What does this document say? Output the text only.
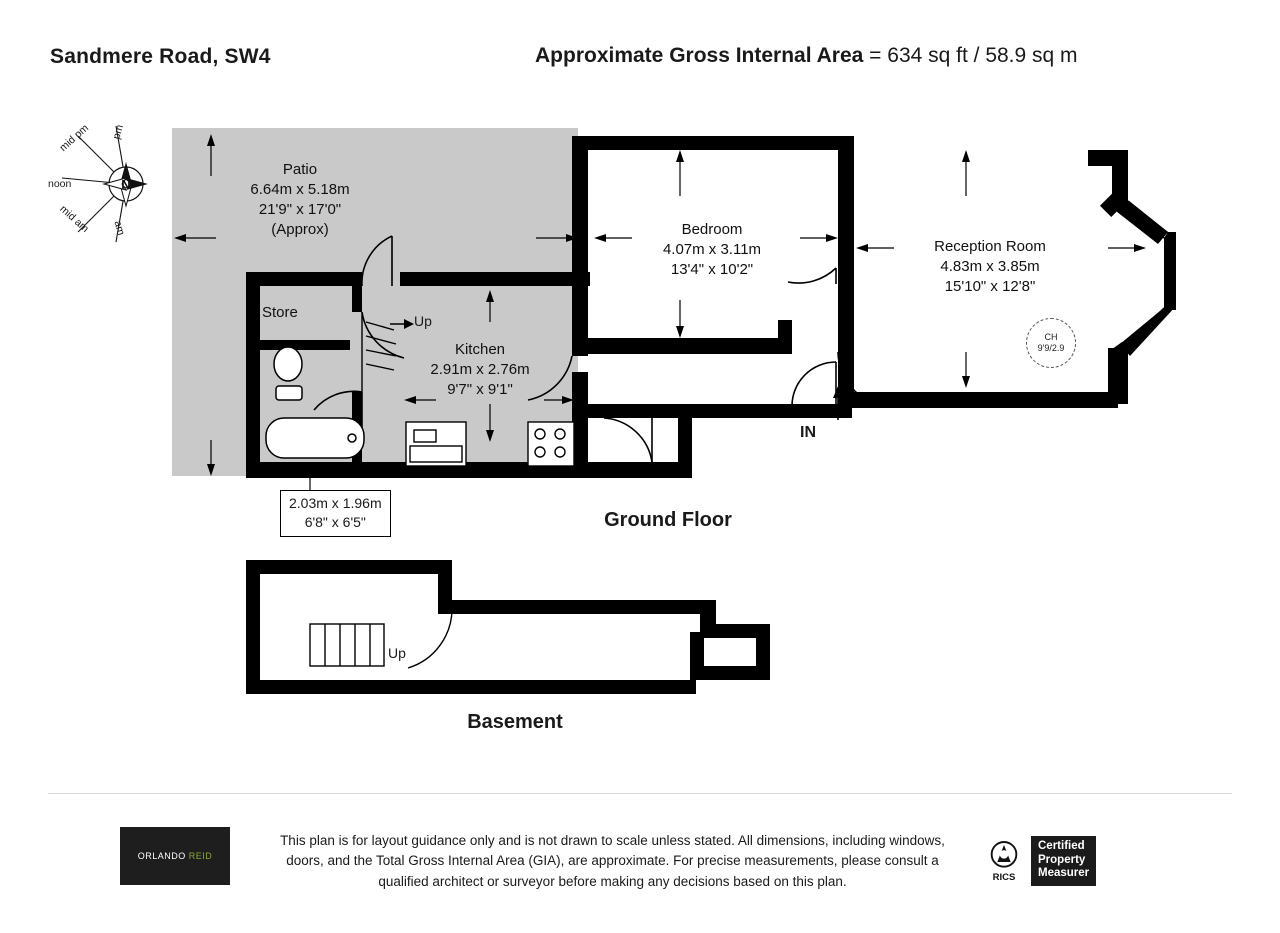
Sandmere Road, SW4	Approximate Gross Internal Area = 634 sq ft / 58.9 sq m
N
mid pm pm
noon
mid am am
Patio
6.64m x 5.18m
21'9" x 17'0"
(Approx)	Bedroom
4.07m x 3.11m
13'4" x 10'2"
Reception Room
4.83m x 3.85m
15'10" x 12'8"
Kitchen
2.91m x 2.76m
9'7" x 9'1"
Store	Up
Up
2.03m x 1.96m
6'8" x 6'5"
IN
CH
9'9/2.9
Ground Floor
Basement
ORLANDO
REID
This plan is for layout guidance only and is not drawn to scale unless stated. All dimensions, including windows, doors, and the Total Gross Internal Area (GIA), are approximate. For precise measurements, please consult a qualified architect or surveyor before making any decisions based on this plan.	RICS
Certified
Property
Measurer
